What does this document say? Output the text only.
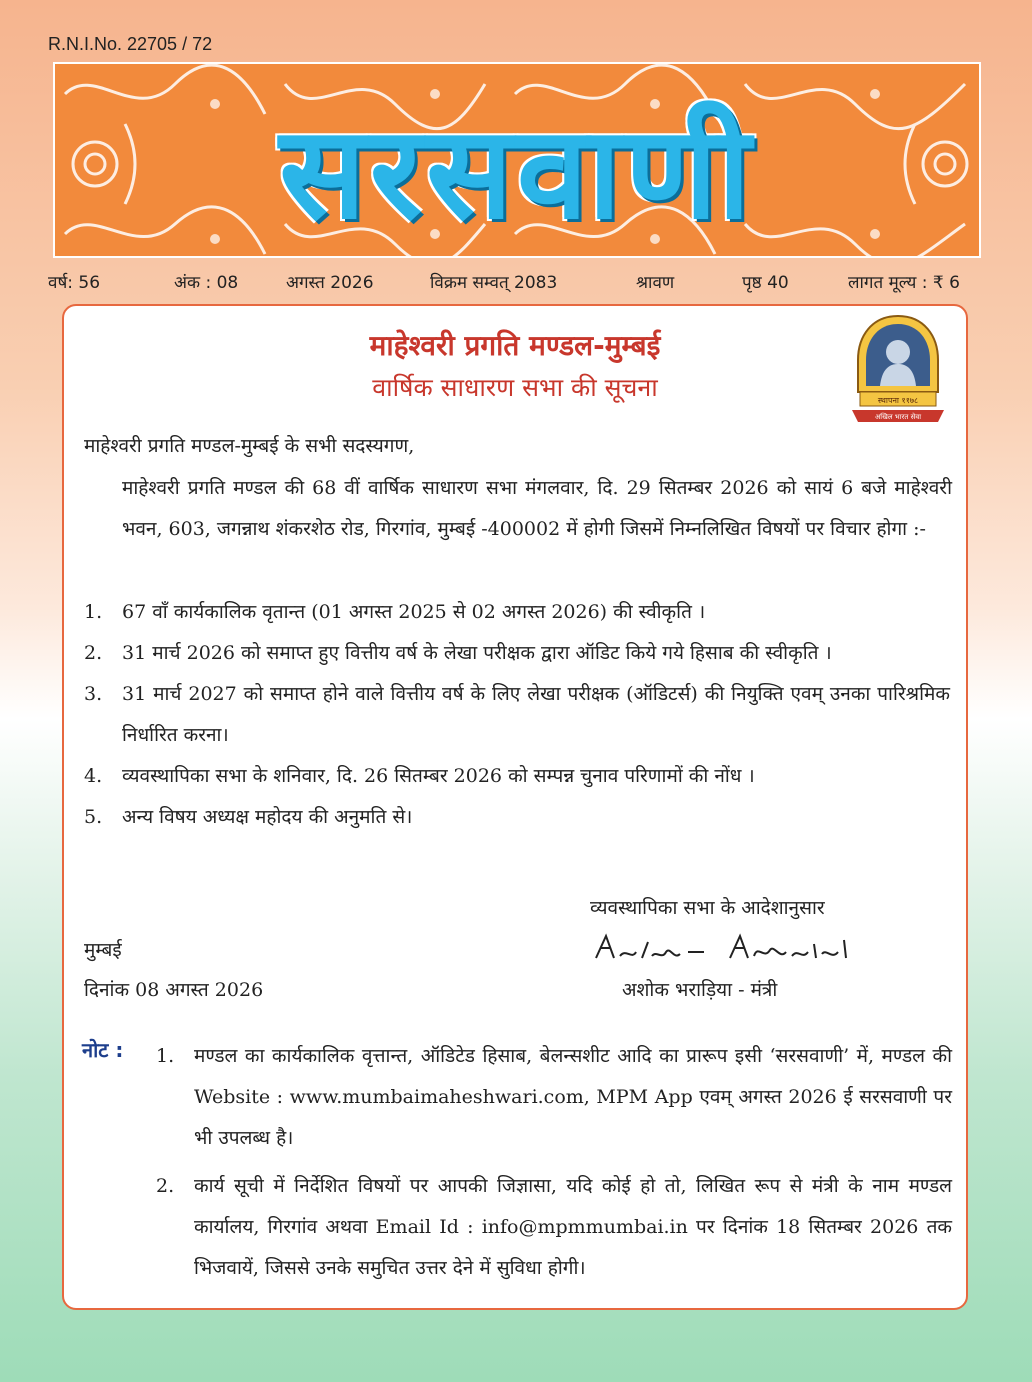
R.N.I.No. 22705 / 72
सरसवाणी
वर्ष: 56	अंक : 08	अगस्त 2026	विक्रम सम्वत् 2083	श्रावण	पृष्ठ 40	लागत मूल्य : ₹ 6
माहेश्वरी प्रगति मण्डल-मुम्बई
वार्षिक साधारण सभा की सूचना	स्थापना ११७८
अखिल भारत सेवा
माहेश्वरी प्रगति मण्डल-मुम्बई के सभी सदस्यगण,
माहेश्वरी प्रगति मण्डल की 68 वीं वार्षिक साधारण सभा मंगलवार, दि. 29 सितम्बर 2026 को सायं 6 बजे माहेश्वरी भवन, 603, जगन्नाथ शंकरशेठ रोड, गिरगांव, मुम्बई -400002 में होगी जिसमें निम्नलिखित विषयों पर विचार होगा :-
1. 67 वाँ कार्यकालिक वृतान्त (01 अगस्त 2025 से 02 अगस्त 2026) की स्वीकृति ।
2. 31 मार्च 2026 को समाप्त हुए वित्तीय वर्ष के लेखा परीक्षक द्वारा ऑडिट किये गये हिसाब की स्वीकृति ।
3. 31 मार्च 2027 को समाप्त होने वाले वित्तीय वर्ष के लिए लेखा परीक्षक (ऑडिटर्स) की नियुक्ति एवम् उनका पारिश्रमिक निर्धारित करना।
4. व्यवस्थापिका सभा के शनिवार, दि. 26 सितम्बर 2026 को सम्पन्न चुनाव परिणामों की नोंध ।
5. अन्य विषय अध्यक्ष महोदय की अनुमति से।
व्यवस्थापिका सभा के आदेशानुसार
मुम्बई
दिनांक 08 अगस्त 2026	अशोक भराड़िया - मंत्री
नोट : 1. मण्डल का कार्यकालिक वृत्तान्त, ऑडिटेड हिसाब, बेलन्सशीट आदि का प्रारूप इसी ‘सरसवाणी’ में, मण्डल की Website : www.mumbaimaheshwari.com, MPM App एवम् अगस्त 2026 ई सरसवाणी पर भी उपलब्ध है।
2. कार्य सूची में निर्देशित विषयों पर आपकी जिज्ञासा, यदि कोई हो तो, लिखित रूप से मंत्री के नाम मण्डल कार्यालय, गिरगांव अथवा Email Id : info@mpmmumbai.in पर दिनांक 18 सितम्बर 2026 तक भिजवायें, जिससे उनके समुचित उत्तर देने में सुविधा होगी।
